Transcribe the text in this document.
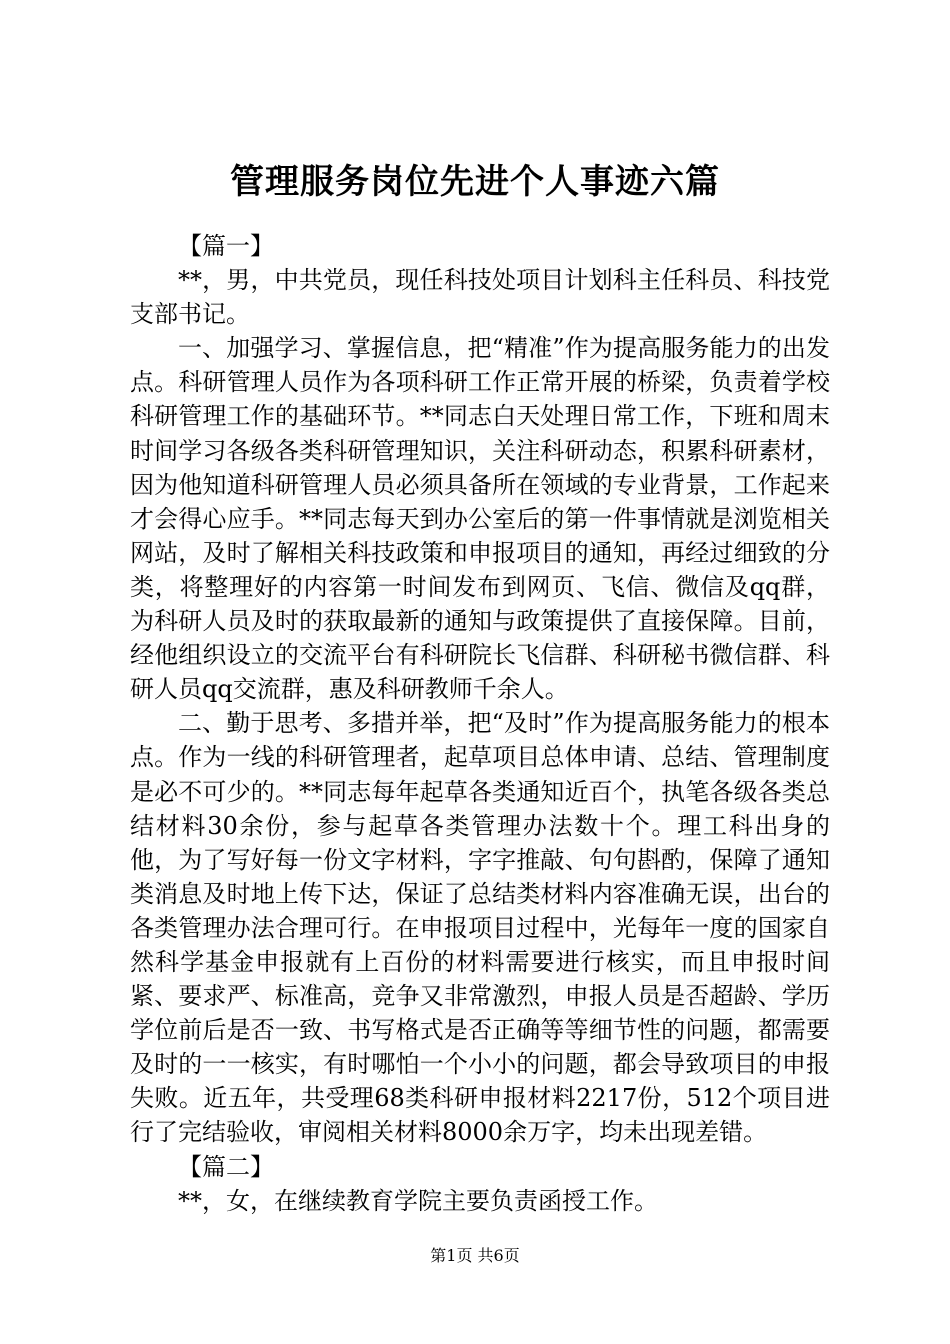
管理服务岗位先进个人事迹六篇

【篇一】

**，男，中共党员，现任科技处项目计划科主任科员、科技党支部书记。

一、加强学习、掌握信息，把“精准”作为提高服务能力的出发点。科研管理人员作为各项科研工作正常开展的桥梁，负责着学校科研管理工作的基础环节。**同志白天处理日常工作，下班和周末时间学习各级各类科研管理知识，关注科研动态，积累科研素材，因为他知道科研管理人员必须具备所在领域的专业背景，工作起来才会得心应手。**同志每天到办公室后的第一件事情就是浏览相关网站，及时了解相关科技政策和申报项目的通知，再经过细致的分类，将整理好的内容第一时间发布到网页、飞信、微信及qq群，为科研人员及时的获取最新的通知与政策提供了直接保障。目前，经他组织设立的交流平台有科研院长飞信群、科研秘书微信群、科研人员qq交流群，惠及科研教师千余人。

二、勤于思考、多措并举，把“及时”作为提高服务能力的根本点。作为一线的科研管理者，起草项目总体申请、总结、管理制度是必不可少的。**同志每年起草各类通知近百个，执笔各级各类总结材料30余份，参与起草各类管理办法数十个。理工科出身的他，为了写好每一份文字材料，字字推敲、句句斟酌，保障了通知类消息及时地上传下达，保证了总结类材料内容准确无误，出台的各类管理办法合理可行。在申报项目过程中，光每年一度的国家自然科学基金申报就有上百份的材料需要进行核实，而且申报时间紧、要求严、标准高，竞争又非常激烈，申报人员是否超龄、学历学位前后是否一致、书写格式是否正确等等细节性的问题，都需要及时的一一核实，有时哪怕一个小小的问题，都会导致项目的申报失败。近五年，共受理68类科研申报材料2217份，512个项目进行了完结验收，审阅相关材料8000余万字，均未出现差错。

【篇二】

**，女，在继续教育学院主要负责函授工作。

第1页 共6页
